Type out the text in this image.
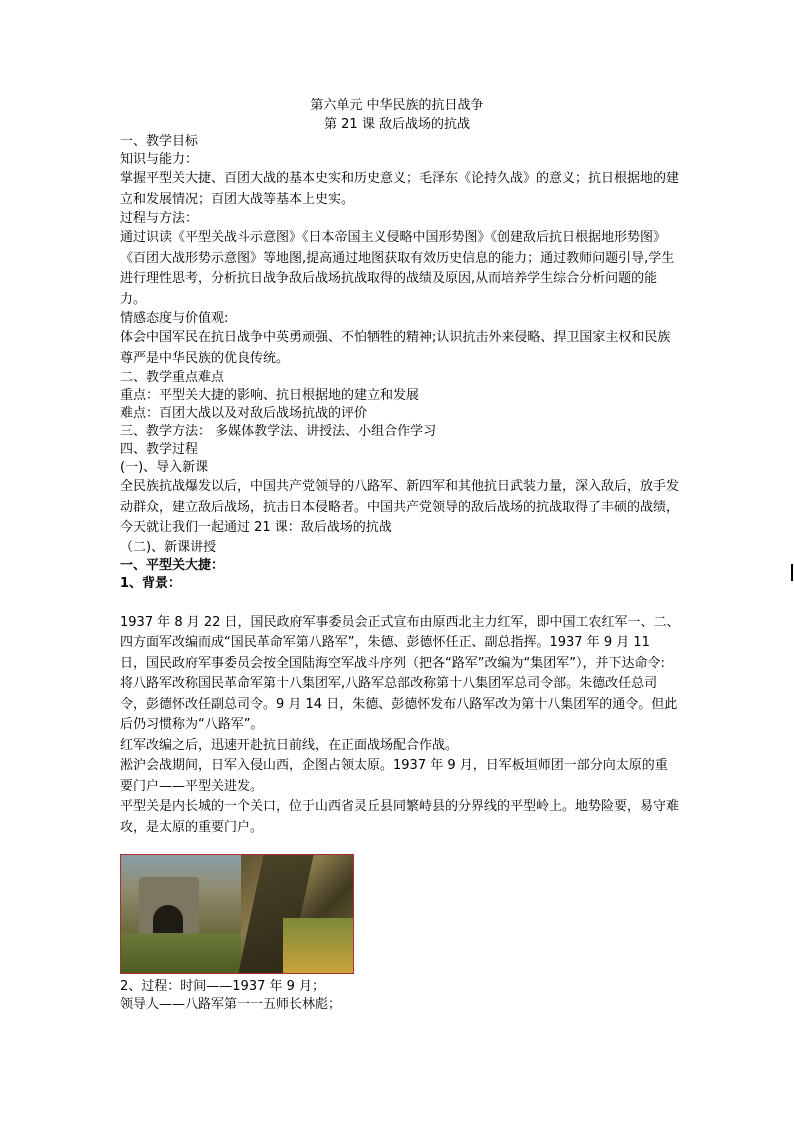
第六单元 中华民族的抗日战争
第 21 课 敌后战场的抗战

一、教学目标

知识与能力：

掌握平型关大捷、百团大战的基本史实和历史意义；毛泽东《论持久战》的意义；抗日根据地的建立和发展情况；百团大战等基本上史实。

过程与方法：

通过识读《平型关战斗示意图》《日本帝国主义侵略中国形势图》《创建敌后抗日根据地形势图》《百团大战形势示意图》等地图,提高通过地图获取有效历史信息的能力；通过教师问题引导,学生进行理性思考，分析抗日战争敌后战场抗战取得的战绩及原因,从而培养学生综合分析问题的能力。

情感态度与价值观:

体会中国军民在抗日战争中英勇顽强、不怕牺牲的精神;认识抗击外来侵略、捍卫国家主权和民族尊严是中华民族的优良传统。

二、教学重点难点

重点：平型关大捷的影响、抗日根据地的建立和发展

难点：百团大战以及对敌后战场抗战的评价

三、教学方法： 多媒体教学法、讲授法、小组合作学习

四、教学过程

(一)、导入新课

全民族抗战爆发以后，中国共产党领导的八路军、新四军和其他抗日武装力量，深入敌后，放手发动群众，建立敌后战场，抗击日本侵略者。中国共产党领导的敌后战场的抗战取得了丰硕的战绩，今天就让我们一起通过 21 课：敌后战场的抗战

（二)、新课讲授

一、平型关大捷：

1、背景：

1937 年 8 月 22 日，国民政府军事委员会正式宣布由原西北主力红军，即中国工农红军一、二、四方面军改编而成“国民革命军第八路军”，朱德、彭德怀任正、副总指挥。1937 年 9 月 11 日，国民政府军事委员会按全国陆海空军战斗序列（把各“路军”改编为“集团军”），并下达命令: 将八路军改称国民革命军第十八集团军,八路军总部改称第十八集团军总司令部。朱德改任总司令，彭德怀改任副总司令。9 月 14 日，朱德、彭德怀发布八路军改为第十八集团军的通令。但此后仍习惯称为“八路军”。

红军改编之后，迅速开赴抗日前线，在正面战场配合作战。

淞沪会战期间，日军入侵山西，企图占领太原。1937 年 9 月，日军板垣师团一部分向太原的重要门户——平型关进发。

平型关是内长城的一个关口，位于山西省灵丘县同繁峙县的分界线的平型岭上。地势险要，易守难攻，是太原的重要门户。

2、过程：时间——1937 年 9 月；

领导人——八路军第一一五师长林彪；
